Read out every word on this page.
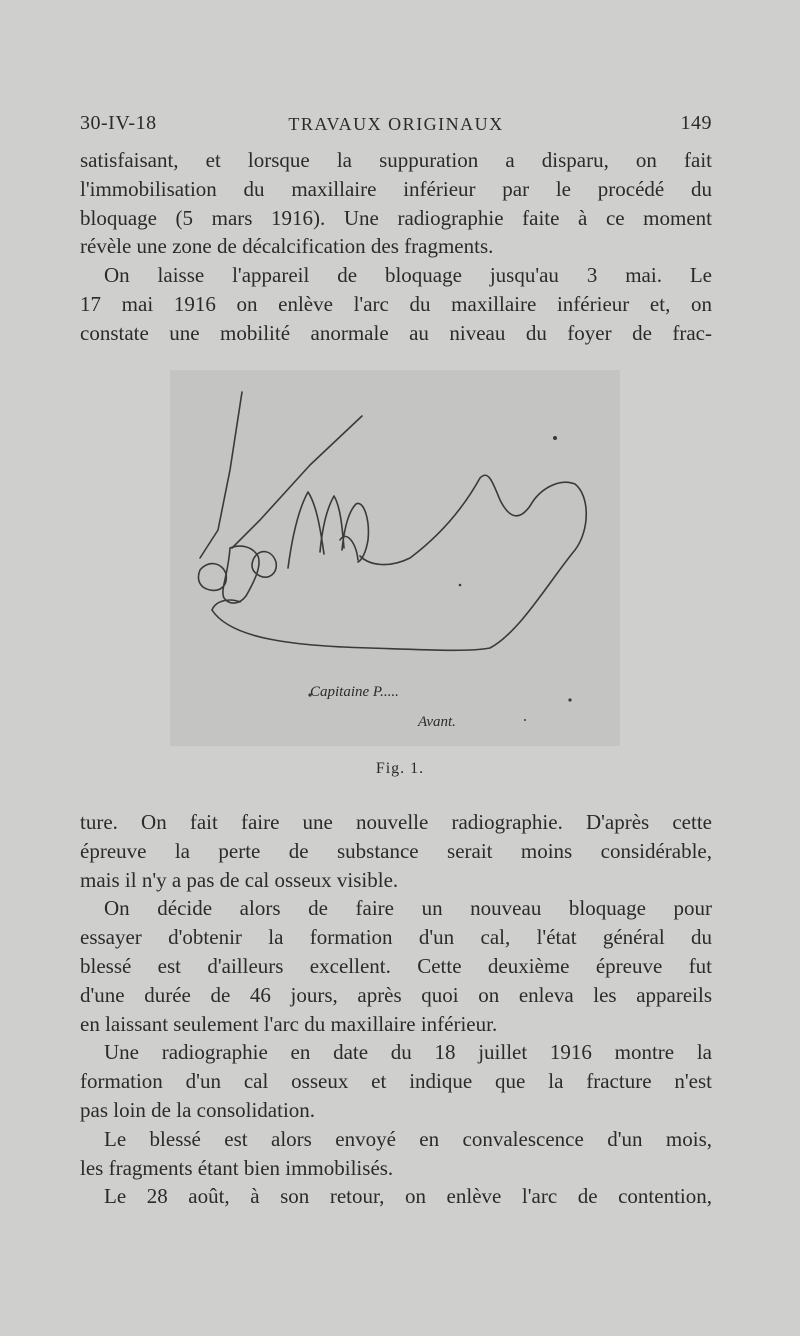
30-IV-18	TRAVAUX ORIGINAUX	149

satisfaisant, et lorsque la suppuration a disparu, on fait

l'immobilisation du maxillaire inférieur par le procédé du

bloquage (5 mars 1916). Une radiographie faite à ce moment

révèle une zone de décalcification des fragments.

On laisse l'appareil de bloquage jusqu'au 3 mai. Le

17 mai 1916 on enlève l'arc du maxillaire inférieur et, on

constate une mobilité anormale au niveau du foyer de frac-

Capitaine P.....
Avant.
Fig. 1.

ture. On fait faire une nouvelle radiographie. D'après cette

épreuve la perte de substance serait moins considérable,

mais il n'y a pas de cal osseux visible.

On décide alors de faire un nouveau bloquage pour

essayer d'obtenir la formation d'un cal, l'état général du

blessé est d'ailleurs excellent. Cette deuxième épreuve fut

d'une durée de 46 jours, après quoi on enleva les appareils

en laissant seulement l'arc du maxillaire inférieur.

Une radiographie en date du 18 juillet 1916 montre la

formation d'un cal osseux et indique que la fracture n'est

pas loin de la consolidation.

Le blessé est alors envoyé en convalescence d'un mois,

les fragments étant bien immobilisés.

Le 28 août, à son retour, on enlève l'arc de contention,
